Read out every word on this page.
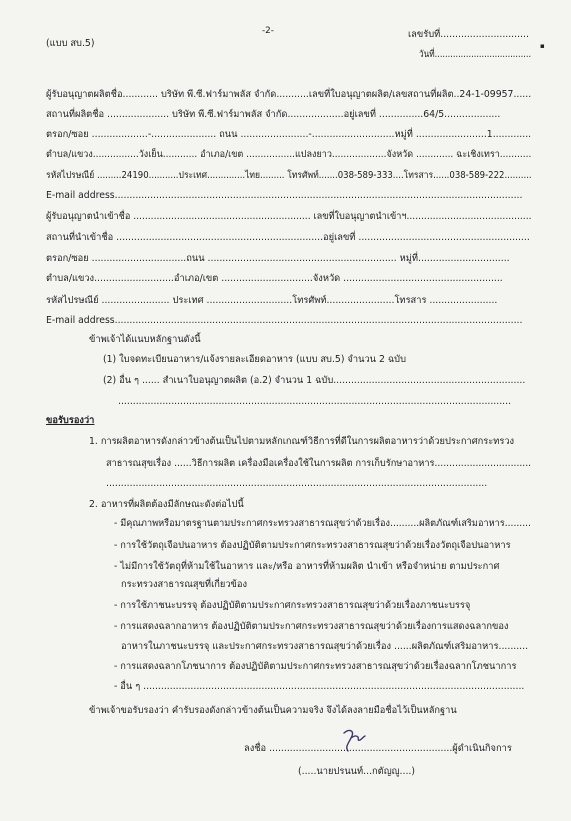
-2-
(แบบ สบ.5)
เลขรับที่..............................
วันที่.....................................
▪
ผู้รับอนุญาตผลิตชื่อ............ บริษัท พี.ซี.ฟาร์มาพลัส จำกัด...........เลขที่ใบอนุญาตผลิต/เลขสถานที่ผลิต..24-1-09957......
สถานที่ผลิตชื่อ ..................... บริษัท พี.ซี.ฟาร์มาพลัส จำกัด...................อยู่เลขที่ ...............64/5...................
ตรอก/ซอย ...................-...................... ถนน .......................-............................หมู่ที่ ........................1.............
ตำบล/แขวง................วังเย็น............ อำเภอ/เขต .................แปลงยาว...................จังหวัด ............. ฉะเชิงเทรา...........
รหัสไปรษณีย์ .........24190...........ประเทศ..............ไทย......... โทรศัพท์.......038-589-333....โทรสาร......038-589-222..........
E-mail address..........................................................................................................................................
ผู้รับอนุญาตนำเข้าชื่อ ............................................................. เลขที่ใบอนุญาตนำเข้าฯ...........................................
สถานที่นำเข้าชื่อ ......................................................................อยู่เลขที่ ..........................................................
ตรอก/ซอย ................................ถนน ................................................................ หมู่ที่...............................
ตำบล/แขวง...........................อำเภอ/เขต ...............................จังหวัด ......................................................
รหัสไปรษณีย์ ....................... ประเทศ .............................โทรศัพท์.......................โทรสาร .......................
E-mail address..........................................................................................................................................
ข้าพเจ้าได้แนบหลักฐานดังนี้
(1) ใบจดทะเบียนอาหาร/แจ้งรายละเอียดอาหาร (แบบ สบ.5) จำนวน 2 ฉบับ
(2) อื่น ๆ ...... สำเนาใบอนุญาตผลิต (อ.2) จำนวน 1 ฉบับ.................................................................
.....................................................................................................................................
ขอรับรองว่า
1. การผลิตอาหารดังกล่าวข้างต้นเป็นไปตามหลักเกณฑ์วิธีการที่ดีในการผลิตอาหารว่าด้วยประกาศกระทรวง
สาธารณสุขเรื่อง ......วิธีการผลิต เครื่องมือเครื่องใช้ในการผลิต การเก็บรักษาอาหาร.................................
.................................................................................................................................
2. อาหารที่ผลิตต้องมีลักษณะดังต่อไปนี้
- มีคุณภาพหรือมาตรฐานตามประกาศกระทรวงสาธารณสุขว่าด้วยเรื่อง..........ผลิตภัณฑ์เสริมอาหาร.........
- การใช้วัตถุเจือปนอาหาร ต้องปฏิบัติตามประกาศกระทรวงสาธารณสุขว่าด้วยเรื่องวัตถุเจือปนอาหาร
- ไม่มีการใช้วัตถุที่ห้ามใช้ในอาหาร และ/หรือ อาหารที่ห้ามผลิต นำเข้า หรือจำหน่าย ตามประกาศ
กระทรวงสาธารณสุขที่เกี่ยวข้อง
- การใช้ภาชนะบรรจุ ต้องปฏิบัติตามประกาศกระทรวงสาธารณสุขว่าด้วยเรื่องภาชนะบรรจุ
- การแสดงฉลากอาหาร ต้องปฏิบัติตามประกาศกระทรวงสาธารณสุขว่าด้วยเรื่องการแสดงฉลากของ
อาหารในภาชนะบรรจุ และประกาศกระทรวงสาธารณสุขว่าด้วยเรื่อง ......ผลิตภัณฑ์เสริมอาหาร..........
- การแสดงฉลากโภชนาการ ต้องปฏิบัติตามประกาศกระทรวงสาธารณสุขว่าด้วยเรื่องฉลากโภชนาการ
- อื่น ๆ .................................................................................................................................
ข้าพเจ้าขอรับรองว่า คำรับรองดังกล่าวข้างต้นเป็นความจริง จึงได้ลงลายมือชื่อไว้เป็นหลักฐาน
ลงชื่อ ..............................................................ผู้ดำเนินกิจการ
(.....นายปรนนท์...กตัญญู....)
